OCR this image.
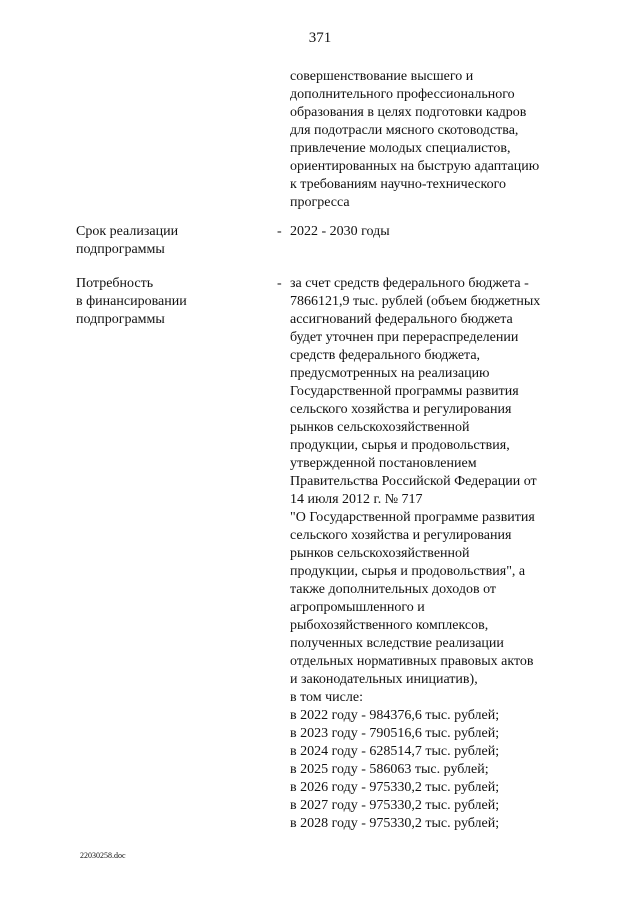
371
совершенствование высшего и
дополнительного профессионального
образования в целях подготовки кадров
для подотрасли мясного скотоводства,
привлечение молодых специалистов,
ориентированных на быструю адаптацию
к требованиям научно-технического
прогресса
Срок реализации
подпрограммы
- 2022 - 2030 годы
Потребность
в финансировании
подпрограммы
- за счет средств федерального бюджета -
7866121,9 тыс. рублей (объем бюджетных
ассигнований федерального бюджета
будет уточнен при перераспределении
средств федерального бюджета,
предусмотренных на реализацию
Государственной программы развития
сельского хозяйства и регулирования
рынков сельскохозяйственной
продукции, сырья и продовольствия,
утвержденной постановлением
Правительства Российской Федерации от
14 июля 2012 г. № 717
"О Государственной программе развития
сельского хозяйства и регулирования
рынков сельскохозяйственной
продукции, сырья и продовольствия", а
также дополнительных доходов от
агропромышленного и
рыбохозяйственного комплексов,
полученных вследствие реализации
отдельных нормативных правовых актов
и законодательных инициатив),
в том числе:
в 2022 году - 984376,6 тыс. рублей;
в 2023 году - 790516,6 тыс. рублей;
в 2024 году - 628514,7 тыс. рублей;
в 2025 году - 586063 тыс. рублей;
в 2026 году - 975330,2 тыс. рублей;
в 2027 году - 975330,2 тыс. рублей;
в 2028 году - 975330,2 тыс. рублей;
22030258.doc
